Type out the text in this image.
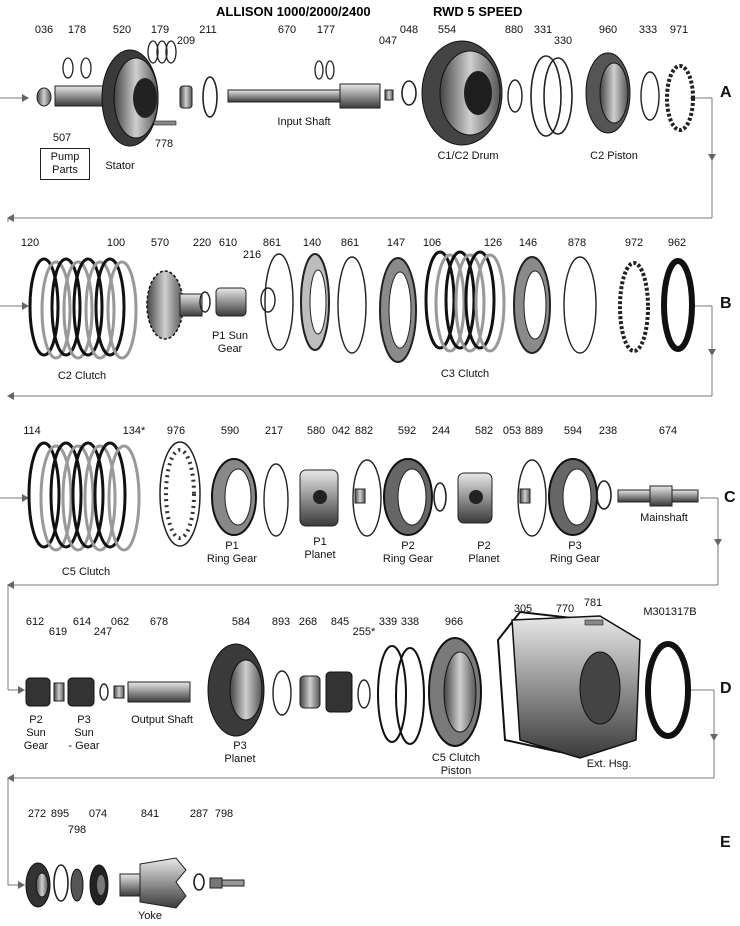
ALLISON 1000/2000/2400	RWD 5 SPEED
A
B
C
D
E
036 178 520 179
209
211	670 177
047
048 554	880 331
330
960 333 971
778
507
Pump
Parts	Stator
Input Shaft
C1/C2 Drum	C2 Piston
120	100 570 220 610
216
861 140 861	147 106	126 146	878	972 962
C2 Clutch
P1 Sun
Gear
C3 Clutch
114	134* 976	590 217 580 042 882 592 244 582 053 889 594 238	674
C5 Clutch
P1
Ring Gear
P1
Planet
P2
Ring Gear
P2
Planet
P3
Ring Gear
Mainshaft
612
619
614
247
062 678	584 893 268 845
255*
339 338 966
305 770 781
M301317B
P2
Sun
Gear
P3
Sun
- Gear
Output Shaft
P3
Planet	C5 Clutch
Piston
Ext. Hsg.
272 895
798
074	841	287 798
Yoke
